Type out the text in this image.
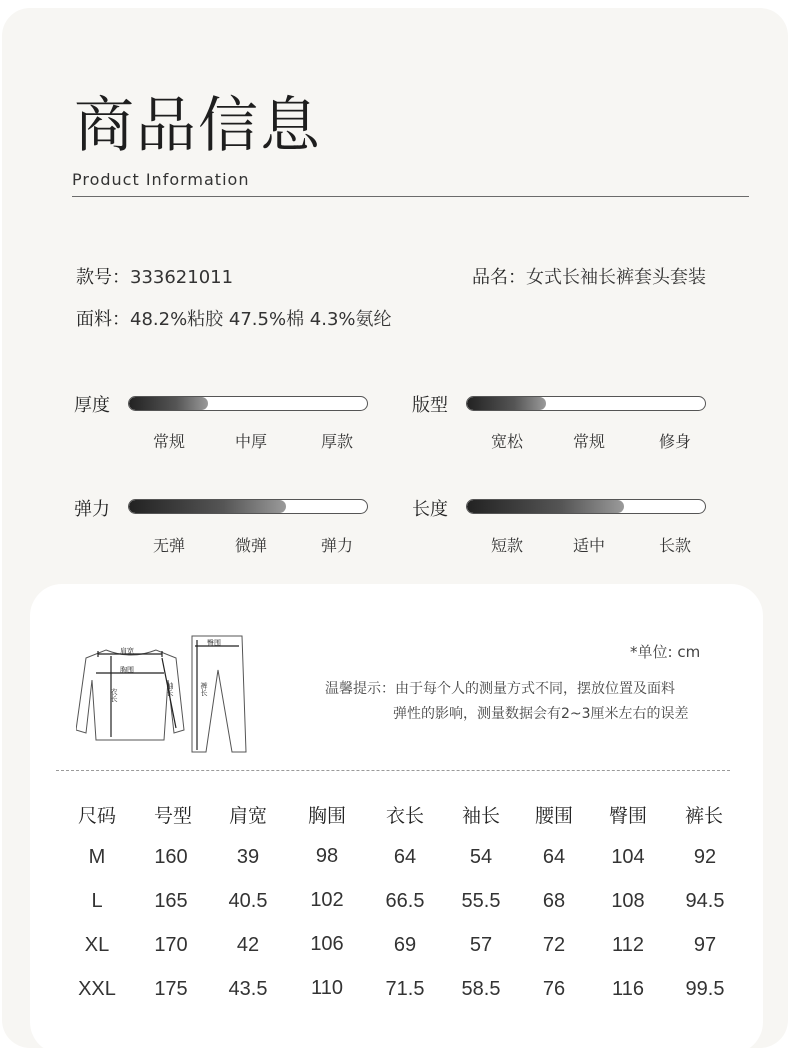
商品信息
Product Information
款号：333621011	品名：女式长袖长裤套头套装
面料：48.2%粘胶 47.5%棉 4.3%氨纶
厚度
常规	中厚	厚款
版型
宽松	常规	修身
弹力
无弹	微弹	弹力
长度
短款	适中	长款
肩宽
胸围
臀围
衣长	袖长	裤长
*单位: cm
温馨提示：由于每个人的测量方式不同，摆放位置及面料
弹性的影响，测量数据会有2~3厘米左右的误差
尺码 号型 肩宽 胸围 衣长 袖长 腰围 臀围 裤长
M 160 39	98	64	54	64 104 92
L	165 40.5 102 66.5 55.5 68 108 94.5
XL 170 42	106	69	57	72 112 97
XXL 175 43.5 110 71.5 58.5 76 116 99.5
